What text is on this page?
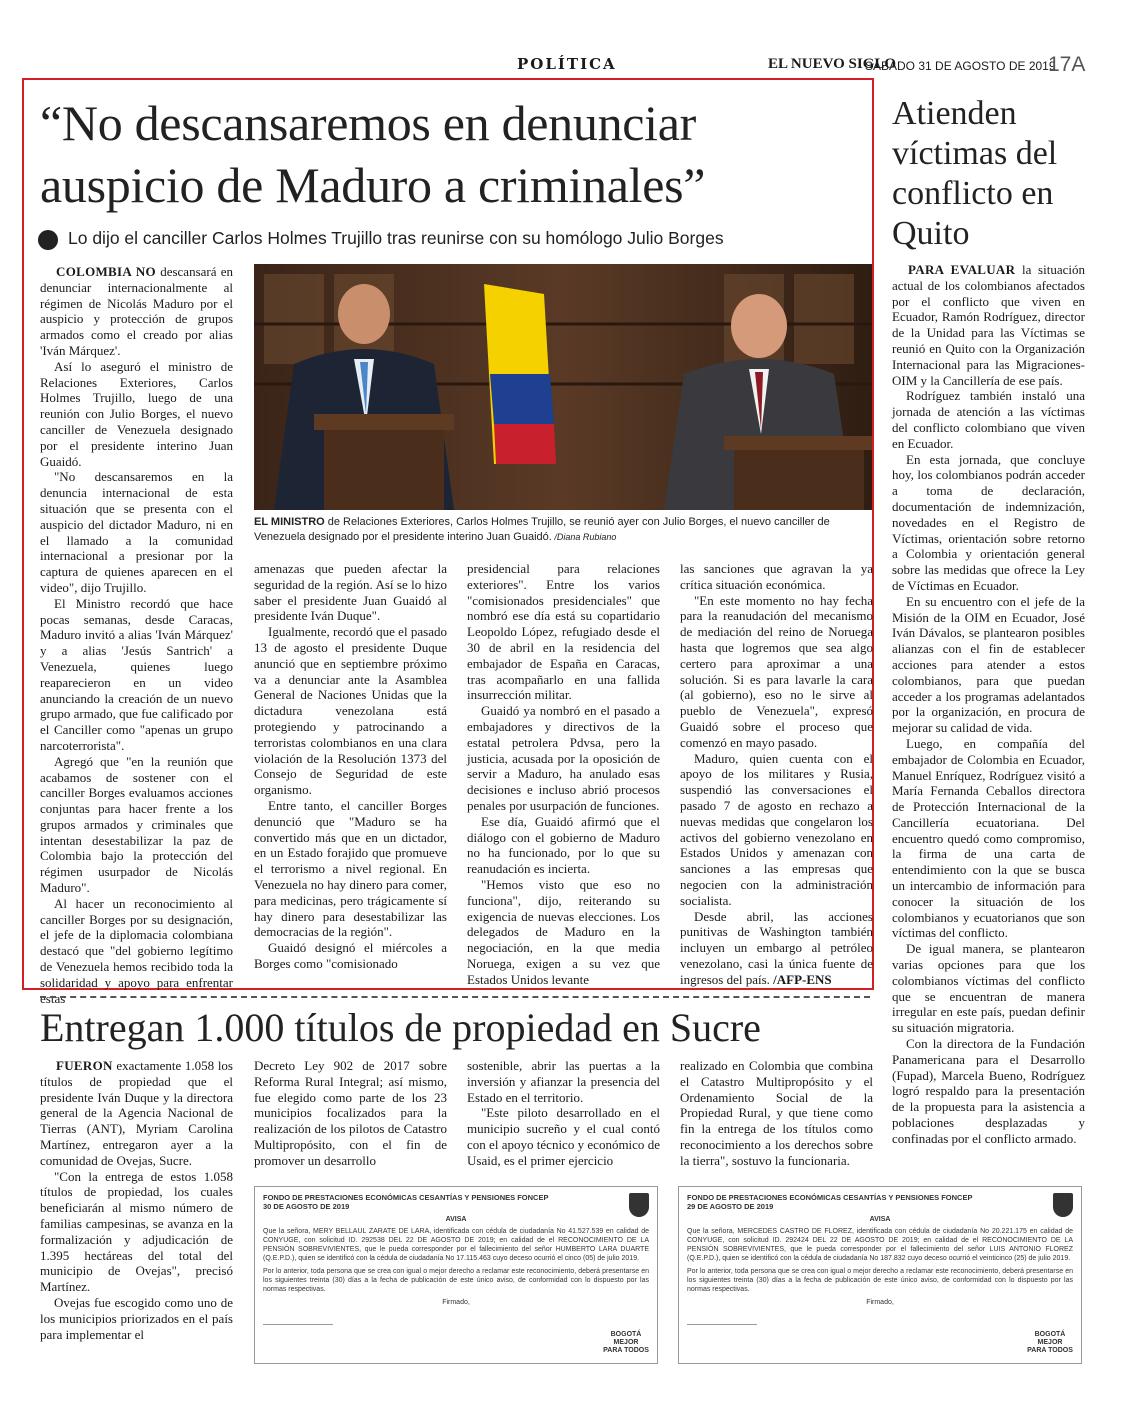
POLÍTICA	EL NUEVO SIGLO
SÁBADO 31 DE AGOSTO DE 2019
17A
“No descansaremos en denunciar auspicio de Maduro a criminales”
Lo dijo el canciller Carlos Holmes Trujillo tras reunirse con su homólogo Julio Borges
EL MINISTRO de Relaciones Exteriores, Carlos Holmes Trujillo, se reunió ayer con Julio Borges, el nuevo canciller de Venezuela designado por el presidente interino Juan Guaidó. /Diana Rubiano

COLOMBIA NO descansará en denunciar internacionalmente al régimen de Nicolás Maduro por el auspicio y protección de grupos armados como el creado por alias 'Iván Márquez'.

Así lo aseguró el ministro de Relaciones Exteriores, Carlos Holmes Trujillo, luego de una reunión con Julio Borges, el nuevo canciller de Venezuela designado por el presidente interino Juan Guaidó.

"No descansaremos en la denuncia internacional de esta situación que se presenta con el auspicio del dictador Maduro, ni en el llamado a la comunidad internacional a presionar por la captura de quienes aparecen en el video", dijo Trujillo.

El Ministro recordó que hace pocas semanas, desde Caracas, Maduro invitó a alias 'Iván Márquez' y a alias 'Jesús Santrich' a Venezuela, quienes luego reaparecieron en un video anunciando la creación de un nuevo grupo armado, que fue calificado por el Canciller como "apenas un grupo narcoterrorista".

Agregó que "en la reunión que acabamos de sostener con el canciller Borges evaluamos acciones conjuntas para hacer frente a los grupos armados y criminales que intentan desestabilizar la paz de Colombia bajo la protección del régimen usurpador de Nicolás Maduro".

Al hacer un reconocimiento al canciller Borges por su designación, el jefe de la diplomacia colombiana destacó que "del gobierno legítimo de Venezuela hemos recibido toda la solidaridad y apoyo para enfrentar estas

amenazas que pueden afectar la seguridad de la región. Así se lo hizo saber el presidente Juan Guaidó al presidente Iván Duque".

Igualmente, recordó que el pasado 13 de agosto el presidente Duque anunció que en septiembre próximo va a denunciar ante la Asamblea General de Naciones Unidas que la dictadura venezolana está protegiendo y patrocinando a terroristas colombianos en una clara violación de la Resolución 1373 del Consejo de Seguridad de este organismo.

Entre tanto, el canciller Borges denunció que "Maduro se ha convertido más que en un dictador, en un Estado forajido que promueve el terrorismo a nivel regional. En Venezuela no hay dinero para comer, para medicinas, pero trágicamente sí hay dinero para desestabilizar las democracias de la región".

Guaidó designó el miércoles a Borges como "comisionado

presidencial para relaciones exteriores". Entre los varios "comisionados presidenciales" que nombró ese día está su copartidario Leopoldo López, refugiado desde el 30 de abril en la residencia del embajador de España en Caracas, tras acompañarlo en una fallida insurrección militar.

Guaidó ya nombró en el pasado a embajadores y directivos de la estatal petrolera Pdvsa, pero la justicia, acusada por la oposición de servir a Maduro, ha anulado esas decisiones e incluso abrió procesos penales por usurpación de funciones.

Ese día, Guaidó afirmó que el diálogo con el gobierno de Maduro no ha funcionado, por lo que su reanudación es incierta.

"Hemos visto que eso no funciona", dijo, reiterando su exigencia de nuevas elecciones. Los delegados de Maduro en la negociación, en la que media Noruega, exigen a su vez que Estados Unidos levante

las sanciones que agravan la ya crítica situación económica.

"En este momento no hay fecha para la reanudación del mecanismo de mediación del reino de Noruega hasta que logremos que sea algo certero para aproximar a una solución. Si es para lavarle la cara (al gobierno), eso no le sirve al pueblo de Venezuela", expresó Guaidó sobre el proceso que comenzó en mayo pasado.

Maduro, quien cuenta con el apoyo de los militares y Rusia, suspendió las conversaciones el pasado 7 de agosto en rechazo a nuevas medidas que congelaron los activos del gobierno venezolano en Estados Unidos y amenazan con sanciones a las empresas que negocien con la administración socialista.

Desde abril, las acciones punitivas de Washington también incluyen un embargo al petróleo venezolano, casi la única fuente de ingresos del país. /AFP-ENS

Atienden víctimas del conflicto en Quito

PARA EVALUAR la situación actual de los colombianos afectados por el conflicto que viven en Ecuador, Ramón Rodríguez, director de la Unidad para las Víctimas se reunió en Quito con la Organización Internacional para las Migraciones-OIM y la Cancillería de ese país.

Rodríguez también instaló una jornada de atención a las víctimas del conflicto colombiano que viven en Ecuador.

En esta jornada, que concluye hoy, los colombianos podrán acceder a toma de declaración, documentación de indemnización, novedades en el Registro de Víctimas, orientación sobre retorno a Colombia y orientación general sobre las medidas que ofrece la Ley de Víctimas en Ecuador.

En su encuentro con el jefe de la Misión de la OIM en Ecuador, José Iván Dávalos, se plantearon posibles alianzas con el fin de establecer acciones para atender a estos colombianos, para que puedan acceder a los programas adelantados por la organización, en procura de mejorar su calidad de vida.

Luego, en compañía del embajador de Colombia en Ecuador, Manuel Enríquez, Rodríguez visitó a María Fernanda Ceballos directora de Protección Internacional de la Cancillería ecuatoriana. Del encuentro quedó como compromiso, la firma de una carta de entendimiento con la que se busca un intercambio de información para conocer la situación de los colombianos y ecuatorianos que son víctimas del conflicto.

De igual manera, se plantearon varias opciones para que los colombianos víctimas del conflicto que se encuentran de manera irregular en este país, puedan definir su situación migratoria.

Con la directora de la Fundación Panamericana para el Desarrollo (Fupad), Marcela Bueno, Rodríguez logró respaldo para la presentación de la propuesta para la asistencia a poblaciones desplazadas y confinadas por el conflicto armado.

Entregan 1.000 títulos de propiedad en Sucre

FUERON exactamente 1.058 los títulos de propiedad que el presidente Iván Duque y la directora general de la Agencia Nacional de Tierras (ANT), Myriam Carolina Martínez, entregaron ayer a la comunidad de Ovejas, Sucre.

"Con la entrega de estos 1.058 títulos de propiedad, los cuales beneficiarán al mismo número de familias campesinas, se avanza en la formalización y adjudicación de 1.395 hectáreas del total del municipio de Ovejas", precisó Martínez.

Ovejas fue escogido como uno de los municipios priorizados en el país para implementar el

Decreto Ley 902 de 2017 sobre Reforma Rural Integral; así mismo, fue elegido como parte de los 23 municipios focalizados para la realización de los pilotos de Catastro Multipropósito, con el fin de promover un desarrollo

sostenible, abrir las puertas a la inversión y afianzar la presencia del Estado en el territorio.

"Este piloto desarrollado en el municipio sucreño y el cual contó con el apoyo técnico y económico de Usaid, es el primer ejercicio

realizado en Colombia que combina el Catastro Multipropósito y el Ordenamiento Social de la Propiedad Rural, y que tiene como fin la entrega de los títulos como reconocimiento a los derechos sobre la tierra", sostuvo la funcionaria.

FONDO DE PRESTACIONES ECONÓMICAS CESANTÍAS Y PENSIONES FONCEP
30 DE AGOSTO DE 2019
AVISA
Que la señora, MERY BELLAUL ZARATE DE LARA, identificada con cédula de ciudadanía No 41.527.539 en calidad de CONYUGE, con solicitud ID. 292538 DEL 22 DE AGOSTO DE 2019; en calidad de el RECONOCIMIENTO DE LA PENSIÓN SOBREVIVIENTES, que le pueda corresponder por el fallecimiento del señor HUMBERTO LARA DUARTE (Q.E.P.D.), quien se identificó con la cédula de ciudadanía No 17.115.463 cuyo deceso ocurrió el cinco (05) de julio 2019.
Por lo anterior, toda persona que se crea con igual o mejor derecho a reclamar este reconocimiento, deberá presentarse en los siguientes treinta (30) días a la fecha de publicación de este único aviso, de conformidad con lo dispuesto por las normas respectivas.
Firmado,
BOGOTÁ MEJOR PARA TODOS
FONDO DE PRESTACIONES ECONÓMICAS CESANTÍAS Y PENSIONES FONCEP
29 DE AGOSTO DE 2019
AVISA
Que la señora, MERCEDES CASTRO DE FLOREZ, identificada con cédula de ciudadanía No 20.221.175 en calidad de CONYUGE, con solicitud ID. 292424 DEL 22 DE AGOSTO DE 2019; en calidad de el RECONOCIMIENTO DE LA PENSIÓN SOBREVIVIENTES, que le pueda corresponder por el fallecimiento del señor LUIS ANTONIO FLOREZ (Q.E.P.D.), quien se identificó con la cédula de ciudadanía No 187.832 cuyo deceso ocurrió el veinticinco (25) de julio 2019.
Por lo anterior, toda persona que se crea con igual o mejor derecho a reclamar este reconocimiento, deberá presentarse en los siguientes treinta (30) días a la fecha de publicación de este único aviso, de conformidad con lo dispuesto por las normas respectivas.
Firmado,
BOGOTÁ MEJOR PARA TODOS
